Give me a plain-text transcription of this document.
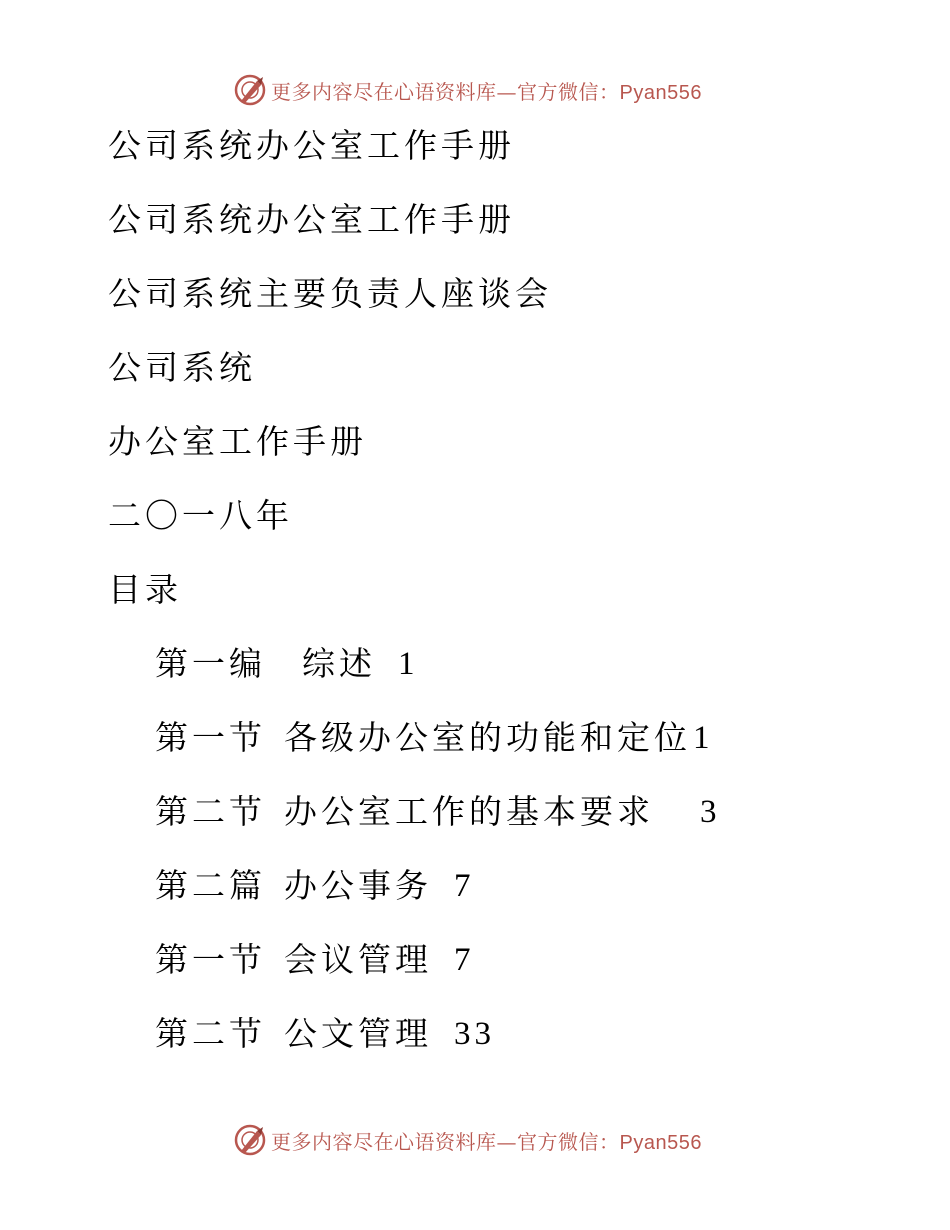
更多内容尽在心语资料库—官方微信：Pyan556
公司系统办公室工作手册
公司系统办公室工作手册
公司系统主要负责人座谈会
公司系统
办公室工作手册
二〇一八年
目录
第一编 综述 1
第一节 各级办公室的功能和定位 1
第二节 办公室工作的基本要求 3
第二篇 办公事务 7
第一节 会议管理 7
第二节 公文管理 33
更多内容尽在心语资料库—官方微信：Pyan556
